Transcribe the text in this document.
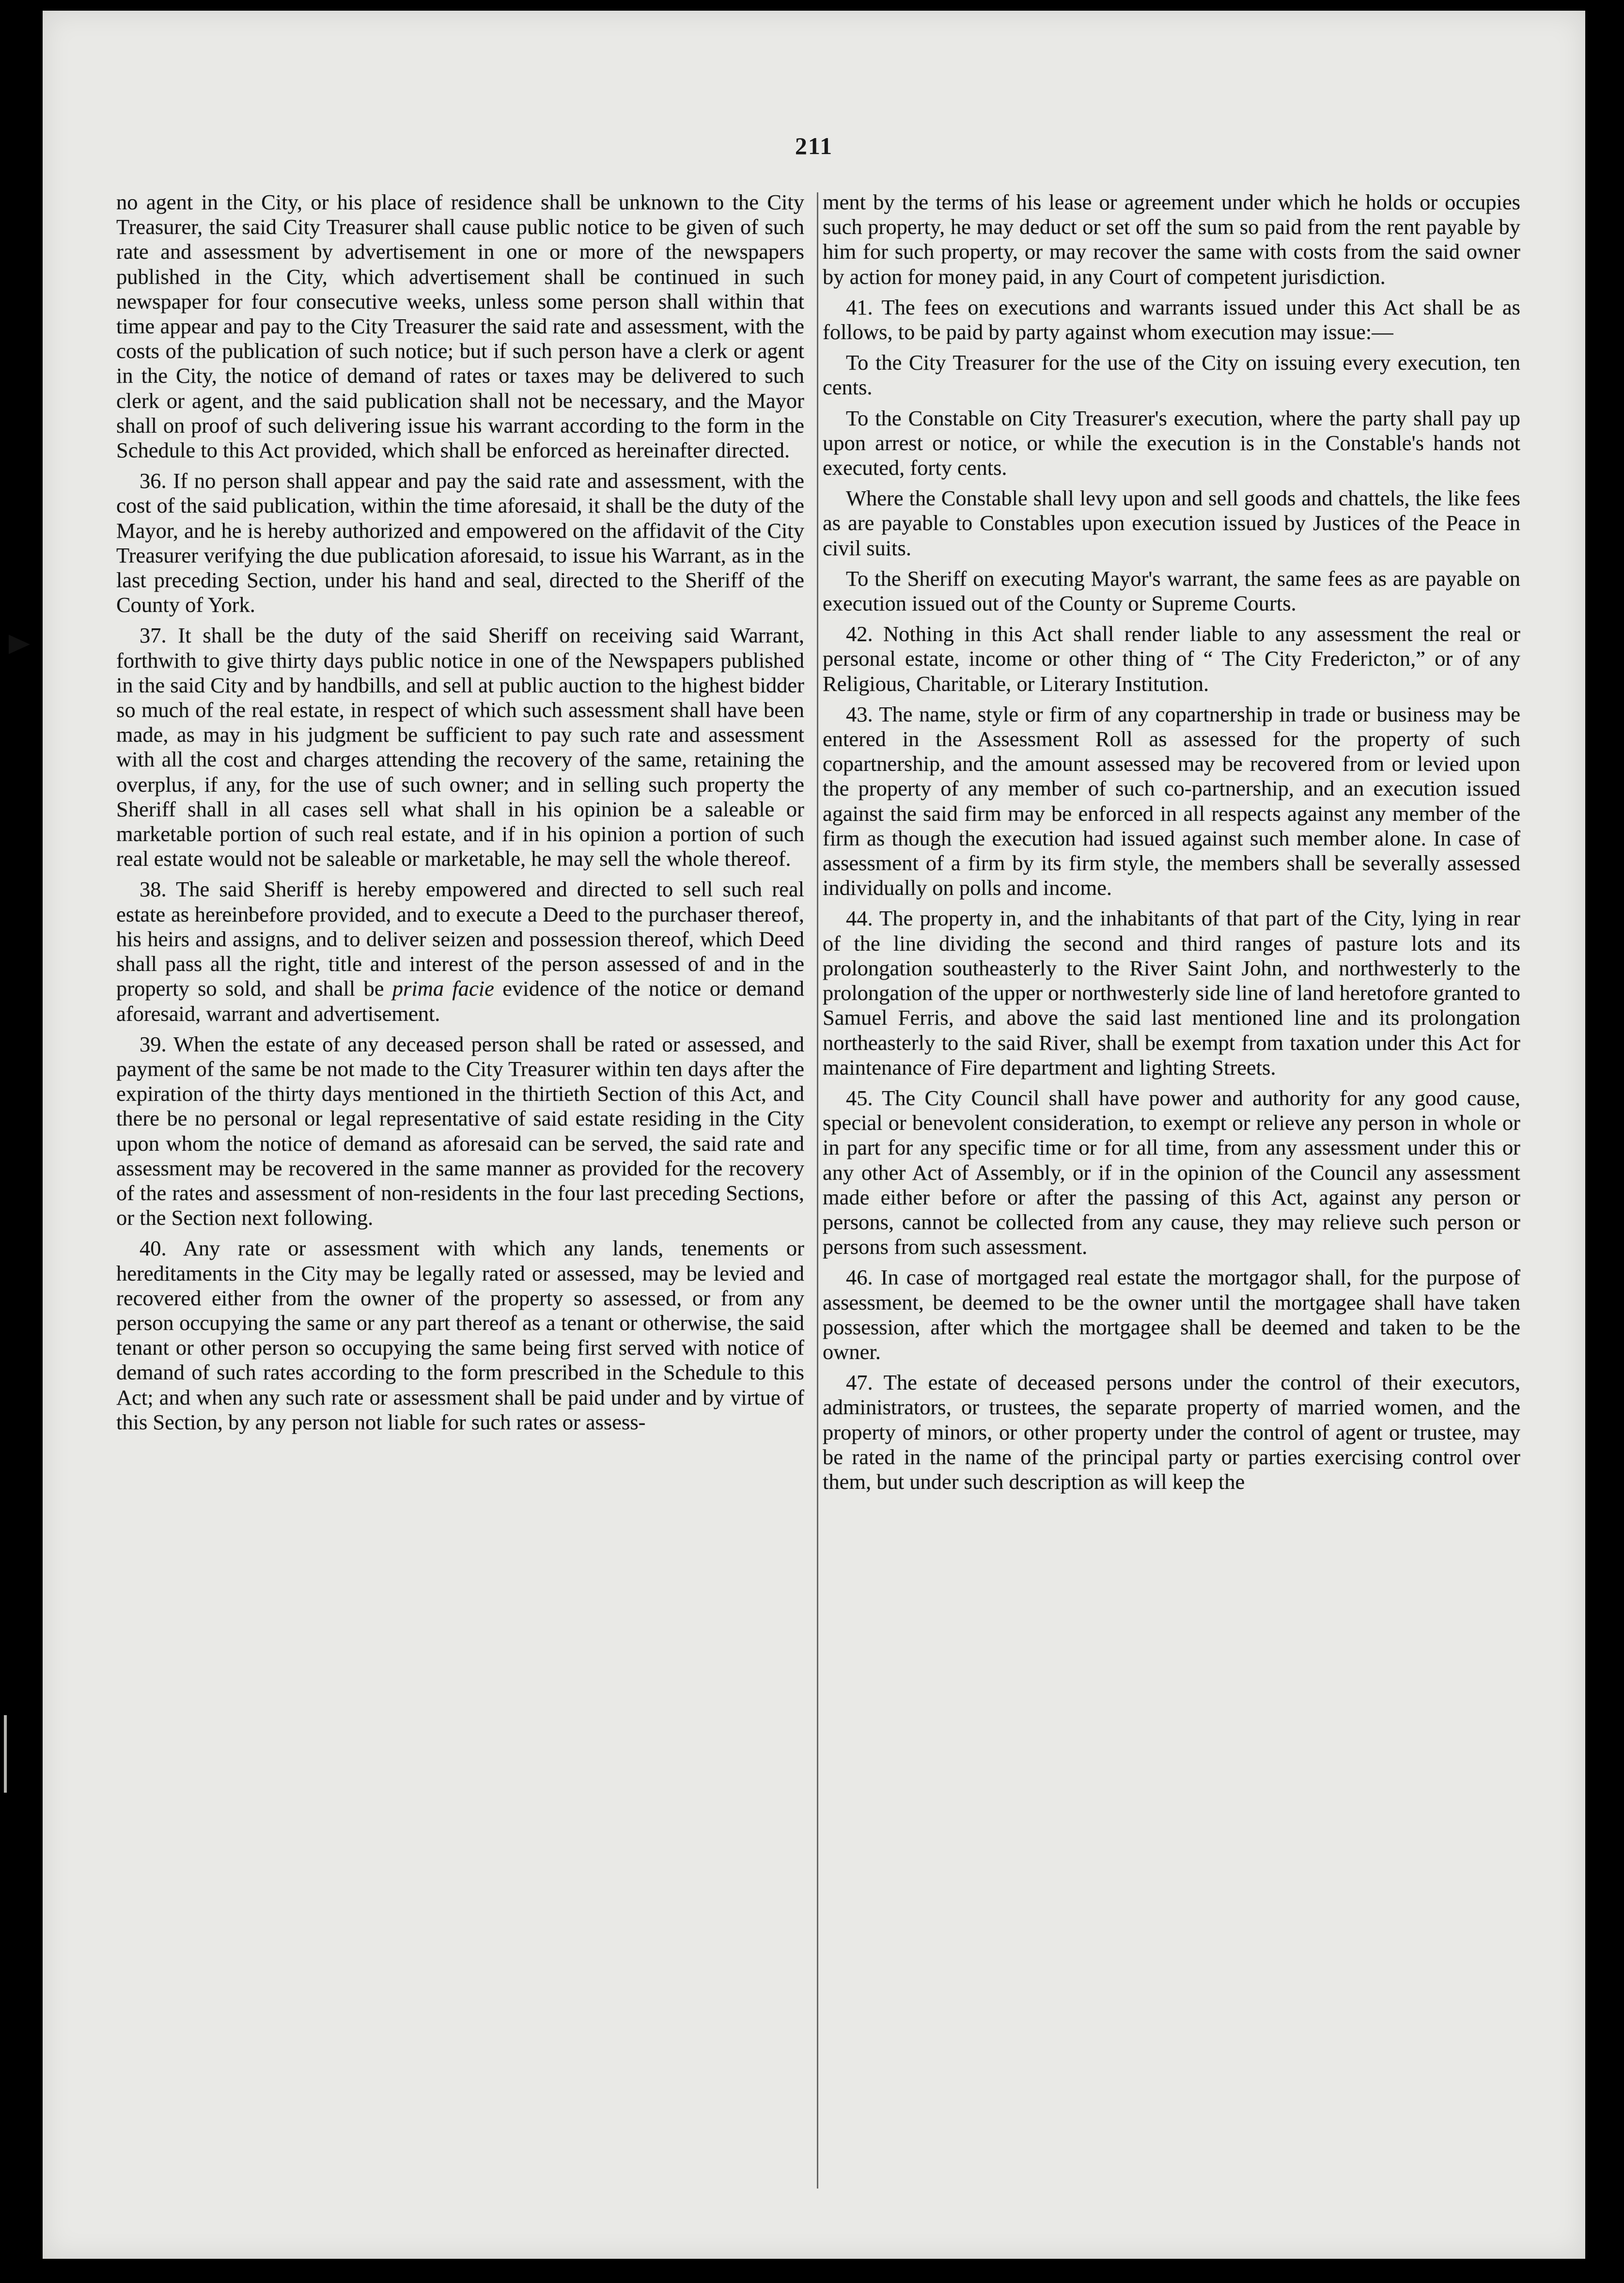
211

no agent in the City, or his place of residence shall be unknown to the City Treasurer, the said City Treasurer shall cause public notice to be given of such rate and assessment by advertisement in one or more of the newspapers published in the City, which advertisement shall be continued in such newspaper for four consecutive weeks, unless some person shall within that time appear and pay to the City Treasurer the said rate and assessment, with the costs of the publication of such notice; but if such person have a clerk or agent in the City, the notice of demand of rates or taxes may be delivered to such clerk or agent, and the said publication shall not be necessary, and the Mayor shall on proof of such delivering issue his warrant according to the form in the Schedule to this Act provided, which shall be enforced as hereinafter directed.

36. If no person shall appear and pay the said rate and assessment, with the cost of the said publication, within the time aforesaid, it shall be the duty of the Mayor, and he is hereby authorized and empowered on the affidavit of the City Treasurer verifying the due publication aforesaid, to issue his Warrant, as in the last preceding Section, under his hand and seal, directed to the Sheriff of the County of York.

37. It shall be the duty of the said Sheriff on receiving said Warrant, forthwith to give thirty days public notice in one of the Newspapers published in the said City and by handbills, and sell at public auction to the highest bidder so much of the real estate, in respect of which such assessment shall have been made, as may in his judgment be sufficient to pay such rate and assessment with all the cost and charges attending the recovery of the same, retaining the overplus, if any, for the use of such owner; and in selling such property the Sheriff shall in all cases sell what shall in his opinion be a saleable or marketable portion of such real estate, and if in his opinion a portion of such real estate would not be saleable or marketable, he may sell the whole thereof.

38. The said Sheriff is hereby empowered and directed to sell such real estate as hereinbefore provided, and to execute a Deed to the purchaser thereof, his heirs and assigns, and to deliver seizen and possession thereof, which Deed shall pass all the right, title and interest of the person assessed of and in the property so sold, and shall be prima facie evidence of the notice or demand aforesaid, warrant and advertisement.

39. When the estate of any deceased person shall be rated or assessed, and payment of the same be not made to the City Treasurer within ten days after the expiration of the thirty days mentioned in the thirtieth Section of this Act, and there be no personal or legal representative of said estate residing in the City upon whom the notice of demand as aforesaid can be served, the said rate and assessment may be recovered in the same manner as provided for the recovery of the rates and assessment of non-residents in the four last preceding Sections, or the Section next following.

40. Any rate or assessment with which any lands, tenements or hereditaments in the City may be legally rated or assessed, may be levied and recovered either from the owner of the property so assessed, or from any person occupying the same or any part thereof as a tenant or otherwise, the said tenant or other person so occupying the same being first served with notice of demand of such rates according to the form prescribed in the Schedule to this Act; and when any such rate or assessment shall be paid under and by virtue of this Section, by any person not liable for such rates or assess-

ment by the terms of his lease or agreement under which he holds or occupies such property, he may deduct or set off the sum so paid from the rent payable by him for such property, or may recover the same with costs from the said owner by action for money paid, in any Court of competent jurisdiction.

41. The fees on executions and warrants issued under this Act shall be as follows, to be paid by party against whom execution may issue:—

To the City Treasurer for the use of the City on issuing every execution, ten cents.

To the Constable on City Treasurer's execution, where the party shall pay up upon arrest or notice, or while the execution is in the Constable's hands not executed, forty cents.

Where the Constable shall levy upon and sell goods and chattels, the like fees as are payable to Constables upon execution issued by Justices of the Peace in civil suits.

To the Sheriff on executing Mayor's warrant, the same fees as are payable on execution issued out of the County or Supreme Courts.

42. Nothing in this Act shall render liable to any assessment the real or personal estate, income or other thing of “ The City Fredericton,” or of any Religious, Charitable, or Literary Institution.

43. The name, style or firm of any copartnership in trade or business may be entered in the Assessment Roll as assessed for the property of such copartnership, and the amount assessed may be recovered from or levied upon the property of any member of such co-partnership, and an execution issued against the said firm may be enforced in all respects against any member of the firm as though the execution had issued against such member alone. In case of assessment of a firm by its firm style, the members shall be severally assessed individually on polls and income.

44. The property in, and the inhabitants of that part of the City, lying in rear of the line dividing the second and third ranges of pasture lots and its prolongation southeasterly to the River Saint John, and northwesterly to the prolongation of the upper or northwesterly side line of land heretofore granted to Samuel Ferris, and above the said last mentioned line and its prolongation northeasterly to the said River, shall be exempt from taxation under this Act for maintenance of Fire department and lighting Streets.

45. The City Council shall have power and authority for any good cause, special or benevolent consideration, to exempt or relieve any person in whole or in part for any specific time or for all time, from any assessment under this or any other Act of Assembly, or if in the opinion of the Council any assessment made either before or after the passing of this Act, against any person or persons, cannot be collected from any cause, they may relieve such person or persons from such assessment.

46. In case of mortgaged real estate the mortgagor shall, for the purpose of assessment, be deemed to be the owner until the mortgagee shall have taken possession, after which the mortgagee shall be deemed and taken to be the owner.

47. The estate of deceased persons under the control of their executors, administrators, or trustees, the separate property of married women, and the property of minors, or other property under the control of agent or trustee, may be rated in the name of the principal party or parties exercising control over them, but under such description as will keep the
